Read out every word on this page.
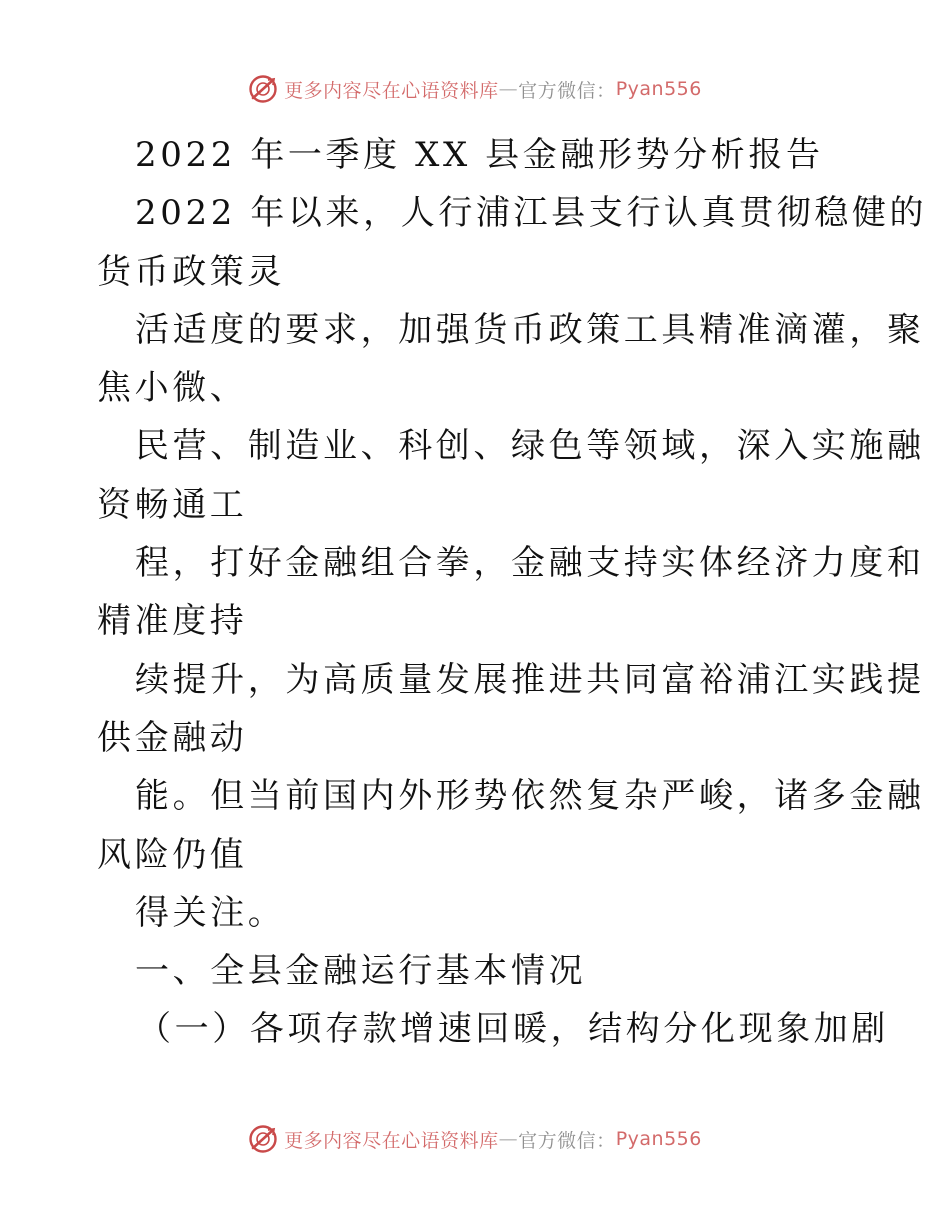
更多内容尽在心语资料库 — 官方微信： Pyan556
2022 年一季度 XX 县金融形势分析报告
2022 年以来，人行浦江县支行认真贯彻稳健的
货币政策灵
活适度的要求，加强货币政策工具精准滴灌，聚
焦小微、
民营、制造业、科创、绿色等领域，深入实施融
资畅通工
程，打好金融组合拳，金融支持实体经济力度和
精准度持
续提升，为高质量发展推进共同富裕浦江实践提
供金融动
能。但当前国内外形势依然复杂严峻，诸多金融
风险仍值
得关注。
一、全县金融运行基本情况
（一）各项存款增速回暖，结构分化现象加剧
更多内容尽在心语资料库 — 官方微信： Pyan556
